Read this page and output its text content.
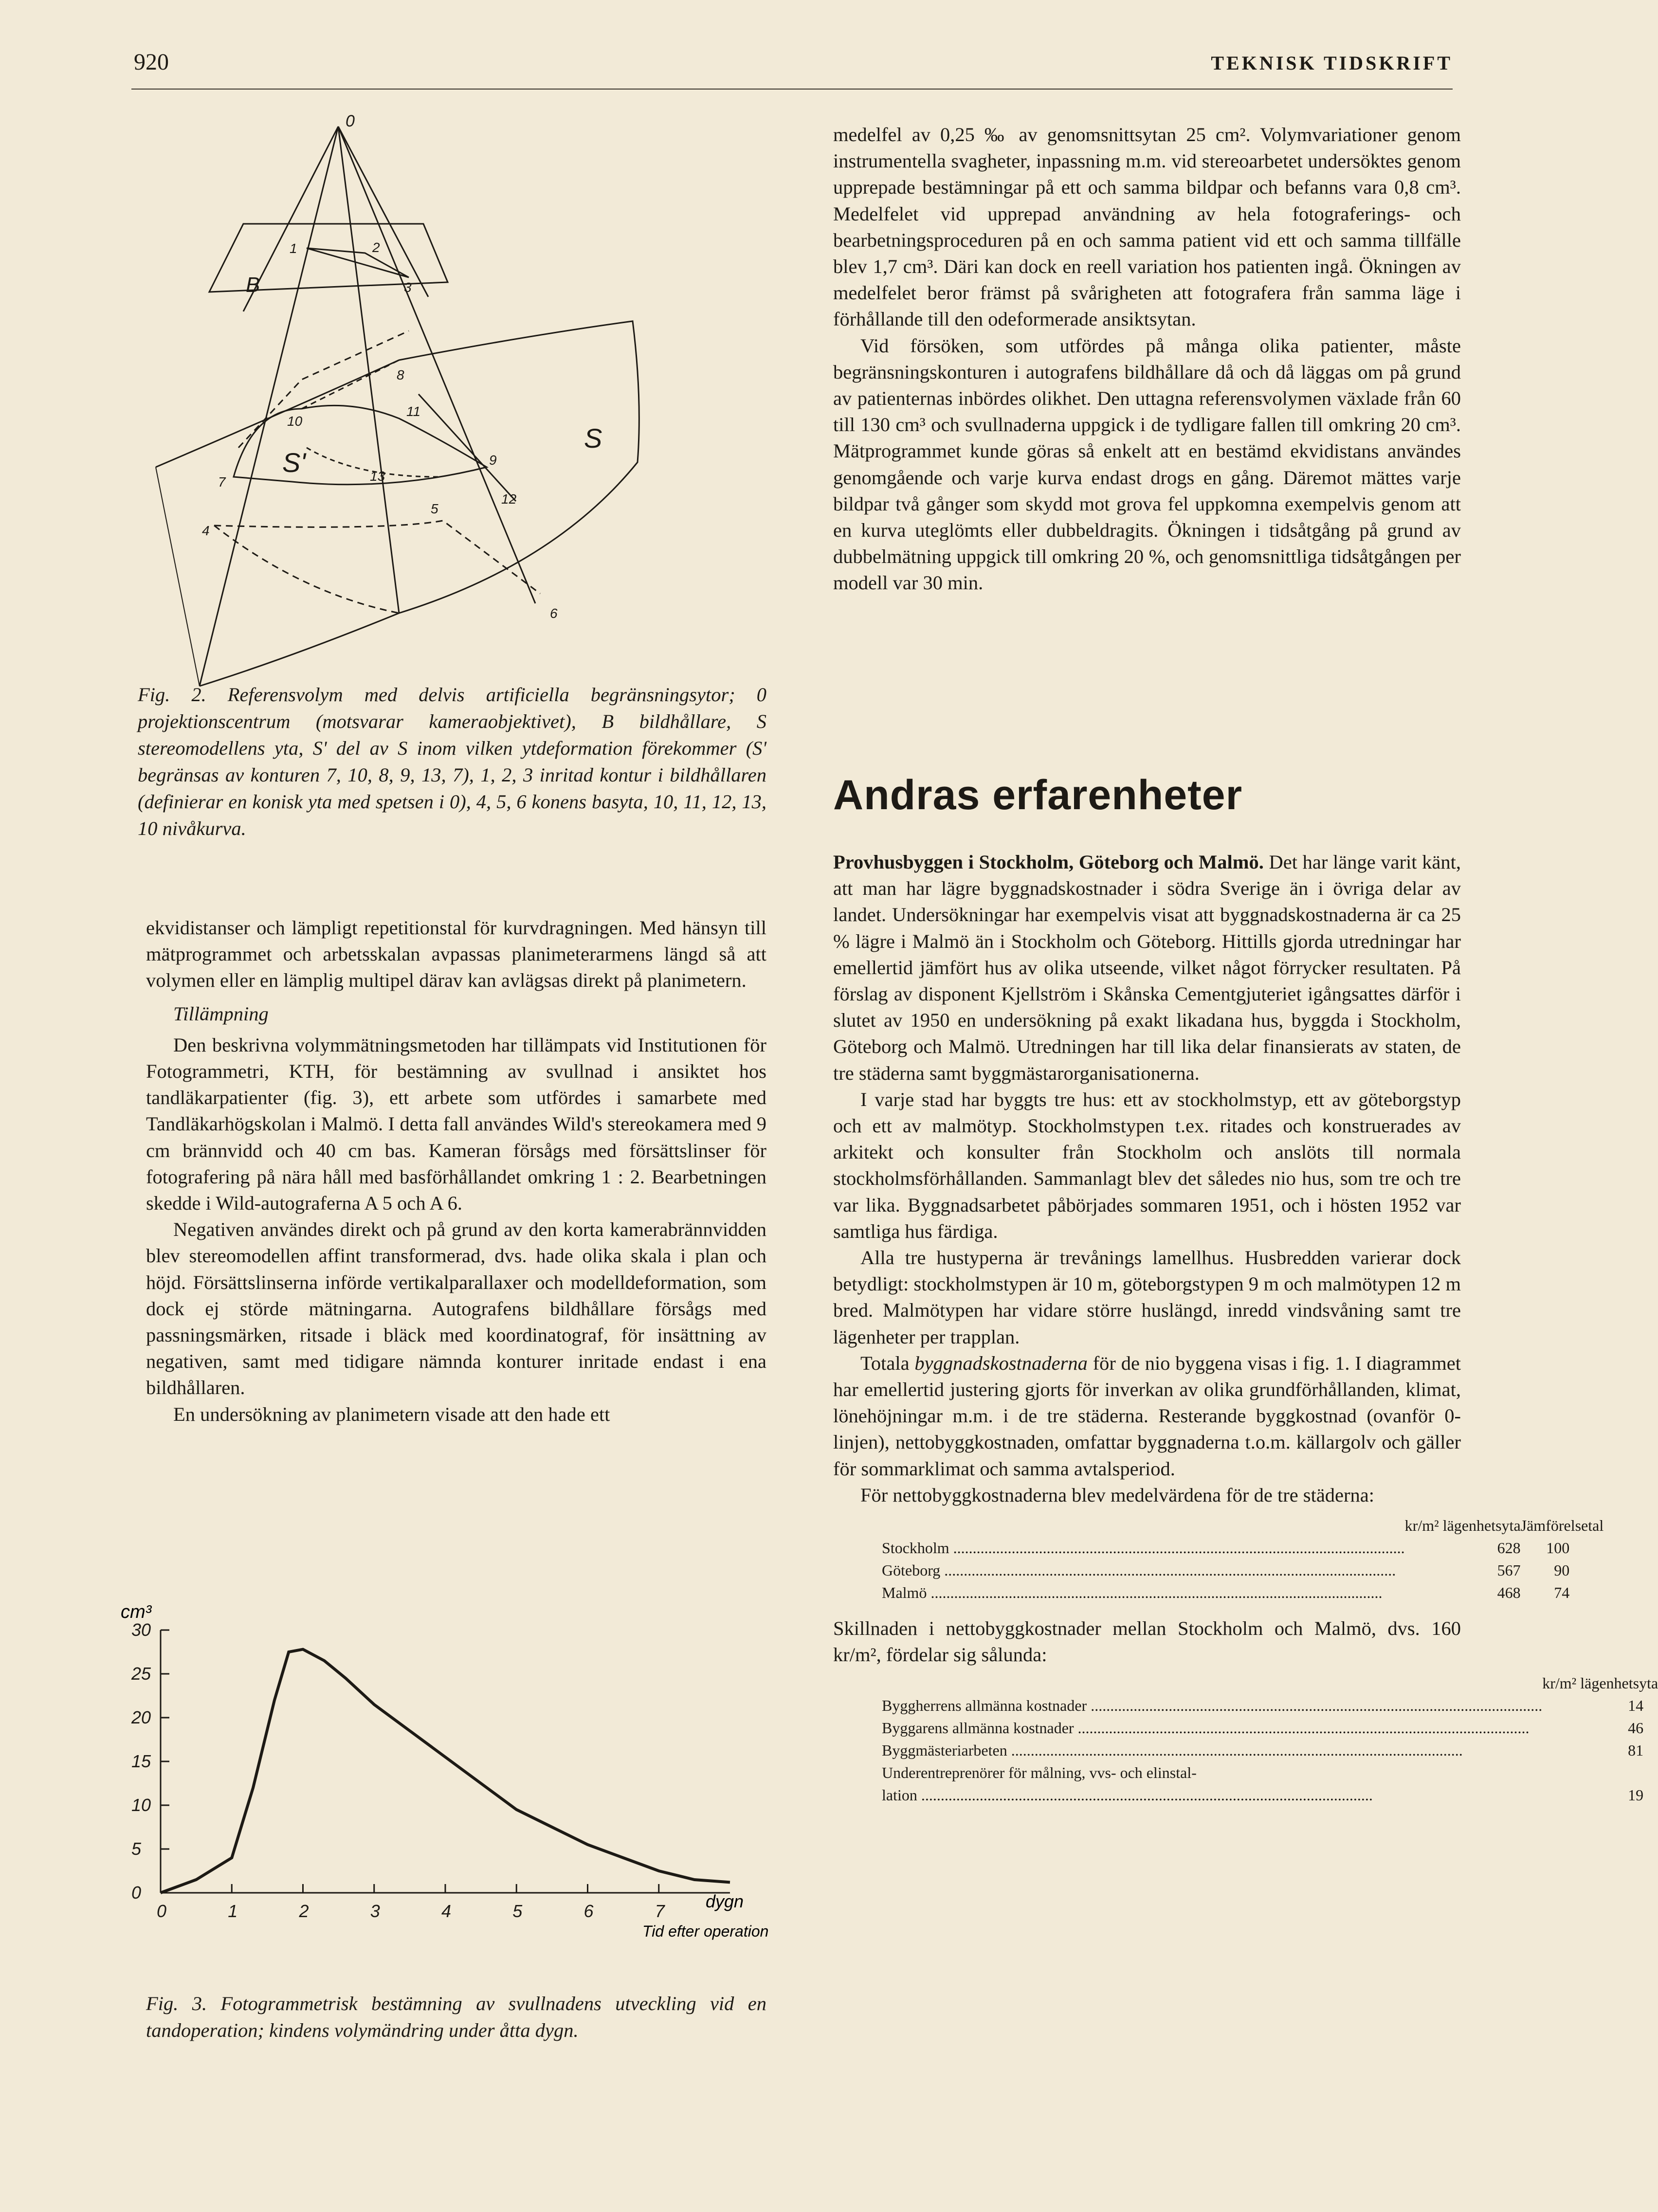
920	TEKNISK TIDSKRIFT
0
B
S
S'
1	2
3
4
5
6
7
8
9
10
11
12
13
Fig. 2. Referensvolym med delvis artificiella begränsningsytor; 0 projektionscentrum (motsvarar kameraobjektivet), B bildhållare, S stereomodellens yta, S' del av S inom vilken ytdeformation förekommer (S' begränsas av konturen 7, 10, 8, 9, 13, 7), 1, 2, 3 inritad kontur i bildhållaren (definierar en konisk yta med spetsen i 0), 4, 5, 6 konens basyta, 10, 11, 12, 13, 10 nivåkurva.

ekvidistanser och lämpligt repetitionstal för kurvdragningen. Med hänsyn till mätprogrammet och arbetsskalan avpassas planimeterarmens längd så att volymen eller en lämplig multipel därav kan avlägsas direkt på planimetern.

Tillämpning

Den beskrivna volymmätningsmetoden har tillämpats vid Institutionen för Fotogrammetri, KTH, för bestämning av svullnad i ansiktet hos tandläkarpatienter (fig. 3), ett arbete som utfördes i samarbete med Tandläkarhögskolan i Malmö. I detta fall användes Wild's stereokamera med 9 cm brännvidd och 40 cm bas. Kameran försågs med försättslinser för fotografering på nära håll med basförhållandet omkring 1 : 2. Bearbetningen skedde i Wild-autograferna A 5 och A 6.

Negativen användes direkt och på grund av den korta kamerabrännvidden blev stereomodellen affint transformerad, dvs. hade olika skala i plan och höjd. Försättslinserna införde vertikalparallaxer och modelldeformation, som dock ej störde mätningarna. Autografens bildhållare försågs med passningsmärken, ritsade i bläck med koordinatograf, för insättning av negativen, samt med tidigare nämnda konturer inritade endast i ena bildhållaren.

En undersökning av planimetern visade att den hade ett

0
5
10
15
20
25
30
0	1	2	3	4	5	6	7
cm³
dygn
Tid efter operation
Fig. 3. Fotogrammetrisk bestämning av svullnadens utveckling vid en tandoperation; kindens volymändring under åtta dygn.

medelfel av 0,25 ‰ av genomsnittsytan 25 cm². Volymvariationer genom instrumentella svagheter, inpassning m.m. vid stereoarbetet undersöktes genom upprepade bestämningar på ett och samma bildpar och befanns vara 0,8 cm³. Medelfelet vid upprepad användning av hela fotograferings- och bearbetningsproceduren på en och samma patient vid ett och samma tillfälle blev 1,7 cm³. Däri kan dock en reell variation hos patienten ingå. Ökningen av medelfelet beror främst på svårigheten att fotografera från samma läge i förhållande till den odeformerade ansiktsytan.

Vid försöken, som utfördes på många olika patienter, måste begränsningskonturen i autografens bildhållare då och då läggas om på grund av patienternas inbördes olikhet. Den uttagna referensvolymen växlade från 60 till 130 cm³ och svullnaderna uppgick i de tydligare fallen till omkring 20 cm³. Mätprogrammet kunde göras så enkelt att en bestämd ekvidistans användes genomgående och varje kurva endast drogs en gång. Däremot mättes varje bildpar två gånger som skydd mot grova fel uppkomna exempelvis genom att en kurva uteglömts eller dubbeldragits. Ökningen i tidsåtgång på grund av dubbelmätning uppgick till omkring 20 %, och genomsnittliga tidsåtgången per modell var 30 min.

Andras erfarenheter

Provhusbyggen i Stockholm, Göteborg och Malmö. Det har länge varit känt, att man har lägre byggnadskostnader i södra Sverige än i övriga delar av landet. Undersökningar har exempelvis visat att byggnadskostnaderna är ca 25 % lägre i Malmö än i Stockholm och Göteborg. Hittills gjorda utredningar har emellertid jämfört hus av olika utseende, vilket något förrycker resultaten. På förslag av disponent Kjellström i Skånska Cementgjuteriet igångsattes därför i slutet av 1950 en undersökning på exakt likadana hus, byggda i Stockholm, Göteborg och Malmö. Utredningen har till lika delar finansierats av staten, de tre städerna samt byggmästarorganisationerna.

I varje stad har byggts tre hus: ett av stockholmstyp, ett av göteborgstyp och ett av malmötyp. Stockholmstypen t.ex. ritades och konstruerades av arkitekt och konsulter från Stockholm och anslöts till normala stockholmsförhållanden. Sammanlagt blev det således nio hus, som tre och tre var lika. Byggnadsarbetet påbörjades sommaren 1951, och i hösten 1952 var samtliga hus färdiga.

Alla tre hustyperna är trevånings lamellhus. Husbredden varierar dock betydligt: stockholmstypen är 10 m, göteborgstypen 9 m och malmötypen 12 m bred. Malmötypen har vidare större huslängd, inredd vindsvåning samt tre lägenheter per trapplan.

Totala byggnadskostnaderna för de nio byggena visas i fig. 1. I diagrammet har emellertid justering gjorts för inverkan av olika grundförhållanden, klimat, lönehöjningar m.m. i de tre städerna. Resterande byggkostnad (ovanför 0-linjen), nettobyggkostnaden, omfattar byggnaderna t.o.m. källargolv och gäller för sommarklimat och samma avtalsperiod.

För nettobyggkostnaderna blev medelvärdena för de tre städerna:

	kr/m² lägenhetsyta	Jämförelsetal

Stockholm .....	628	100

Göteborg .....	567	90

Malmö .....	468	74

Skillnaden i nettobyggkostnader mellan Stockholm och Malmö, dvs. 160 kr/m², fördelar sig sålunda:

	kr/m² lägenhetsyta

Byggherrens allmänna kostnader .....	14

Byggarens allmänna kostnader .....	46

Byggmästeriarbeten .....	81
Underentreprenörer för målning, vvs- och elinstal-	

lation .....	19
